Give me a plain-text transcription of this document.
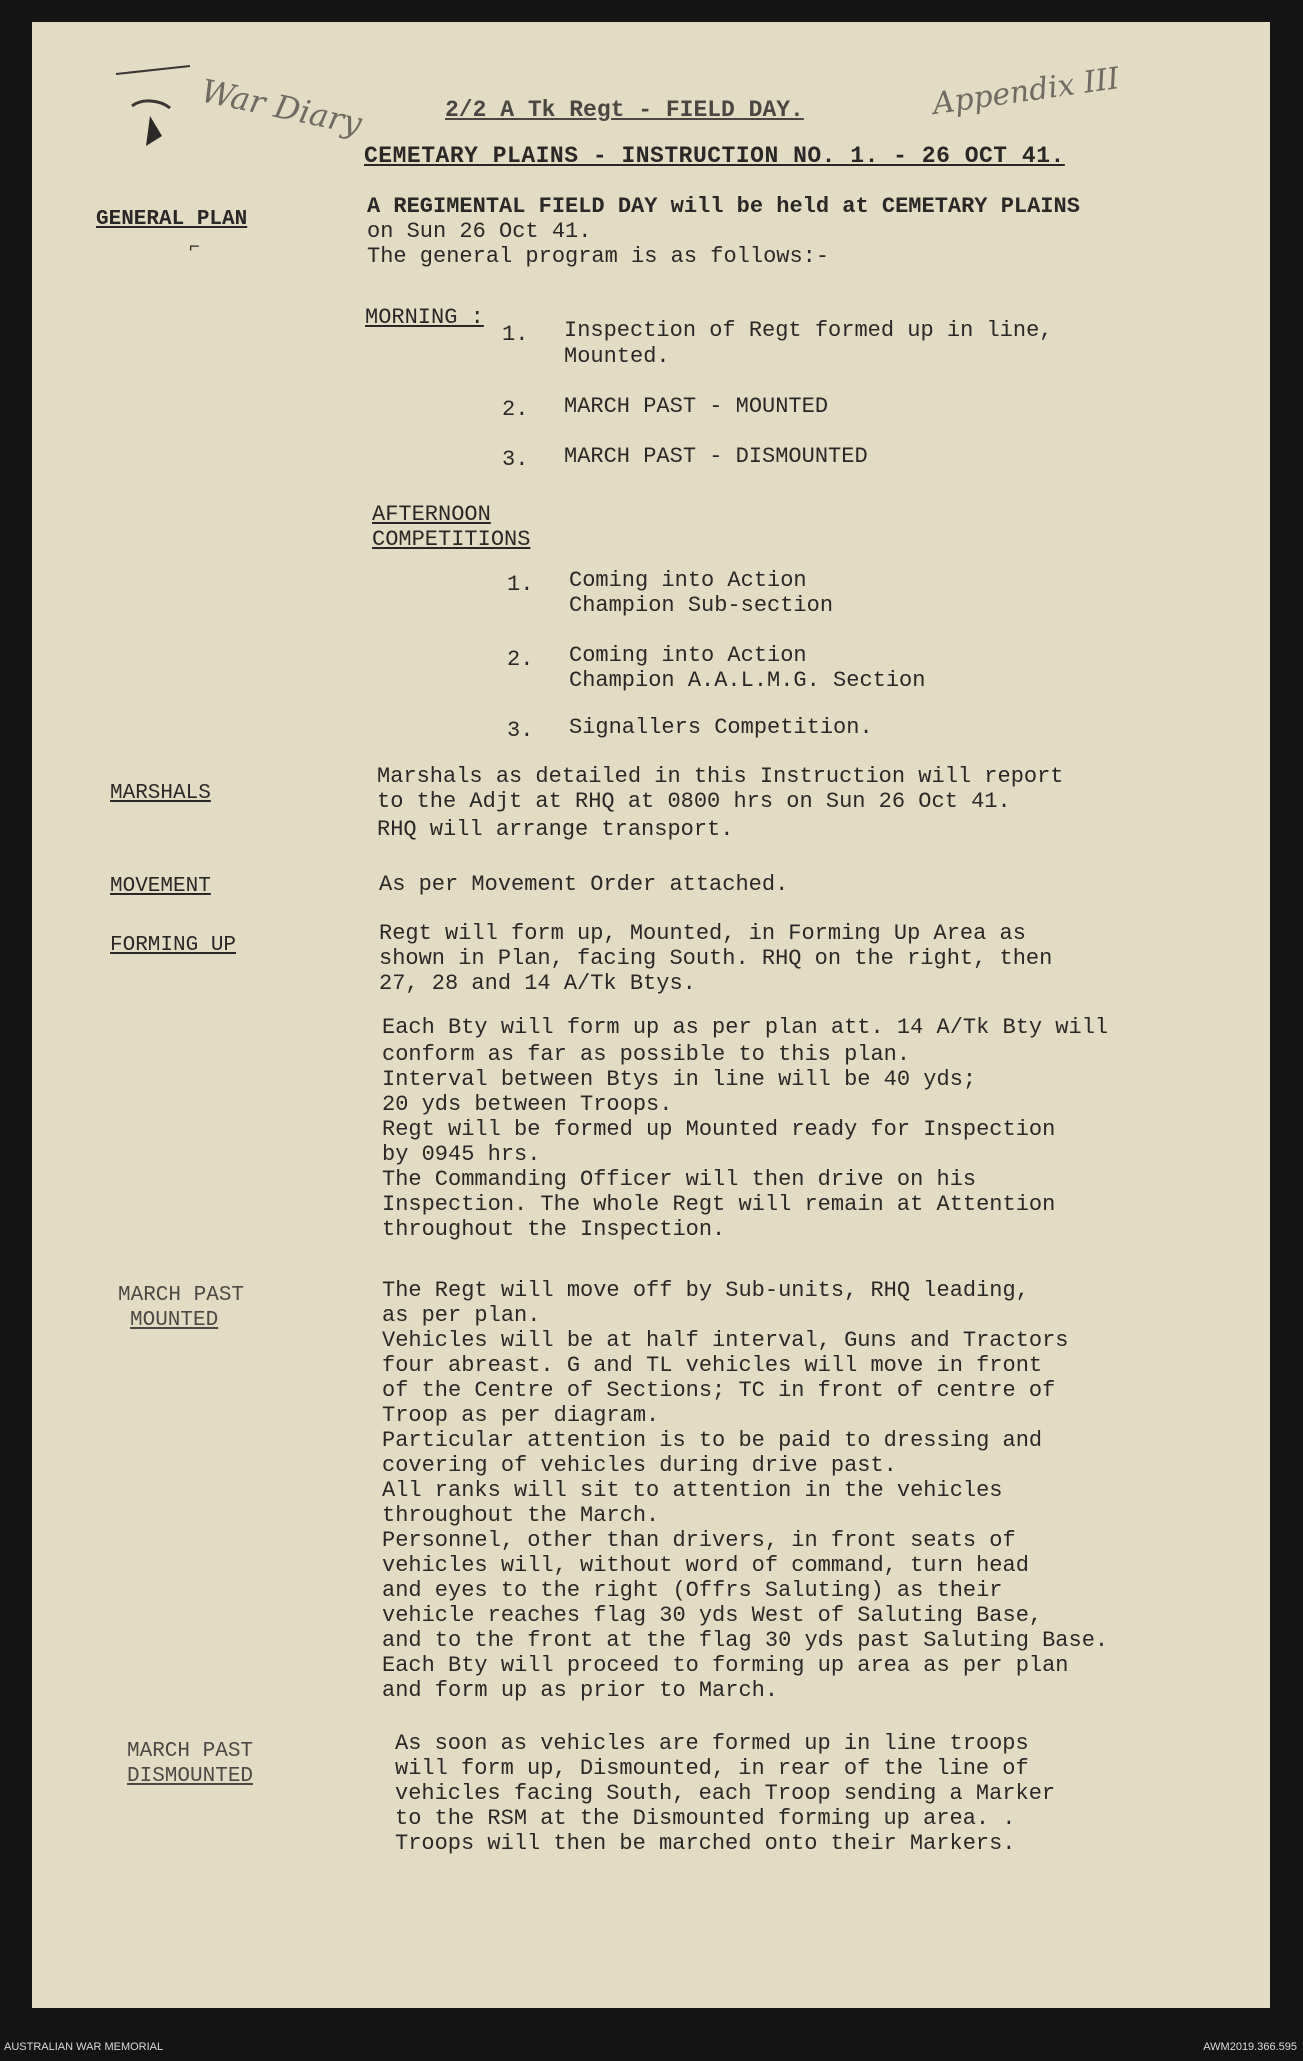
War Diary	Appendix III
2/2 A Tk Regt - FIELD DAY.
CEMETARY PLAINS - INSTRUCTION NO. 1. - 26 OCT 41.
GENERAL PLAN
⌐
A REGIMENTAL FIELD DAY will be held at CEMETARY PLAINS
on Sun 26 Oct 41.
The general program is as follows:-
MORNING :
1. Inspection of Regt formed up in line,
Mounted.
2. MARCH PAST - MOUNTED
3. MARCH PAST - DISMOUNTED
AFTERNOON
COMPETITIONS
1. Coming into Action
Champion Sub-section
2. Coming into Action
Champion A.A.L.M.G. Section
3. Signallers Competition.
MARSHALS
Marshals as detailed in this Instruction will report
to the Adjt at RHQ at 0800 hrs on Sun 26 Oct 41.
RHQ will arrange transport.
MOVEMENT	As per Movement Order attached.
FORMING UP	Regt will form up, Mounted, in Forming Up Area as
shown in Plan, facing South. RHQ on the right, then
27, 28 and 14 A/Tk Btys.
Each Bty will form up as per plan att. 14 A/Tk Bty will
conform as far as possible to this plan.
Interval between Btys in line will be 40 yds;
20 yds between Troops.
Regt will be formed up Mounted ready for Inspection
by 0945 hrs.
The Commanding Officer will then drive on his
Inspection. The whole Regt will remain at Attention
throughout the Inspection.
MARCH PAST
MOUNTED
The Regt will move off by Sub-units, RHQ leading,
as per plan.
Vehicles will be at half interval, Guns and Tractors
four abreast. G and TL vehicles will move in front
of the Centre of Sections; TC in front of centre of
Troop as per diagram.
Particular attention is to be paid to dressing and
covering of vehicles during drive past.
All ranks will sit to attention in the vehicles
throughout the March.
Personnel, other than drivers, in front seats of
vehicles will, without word of command, turn head
and eyes to the right (Offrs Saluting) as their
vehicle reaches flag 30 yds West of Saluting Base,
and to the front at the flag 30 yds past Saluting Base.
Each Bty will proceed to forming up area as per plan
and form up as prior to March.
MARCH PAST
DISMOUNTED
As soon as vehicles are formed up in line troops
will form up, Dismounted, in rear of the line of
vehicles facing South, each Troop sending a Marker
to the RSM at the Dismounted forming up area. .
Troops will then be marched onto their Markers.
AUSTRALIAN WAR MEMORIAL	AWM2019.366.595
